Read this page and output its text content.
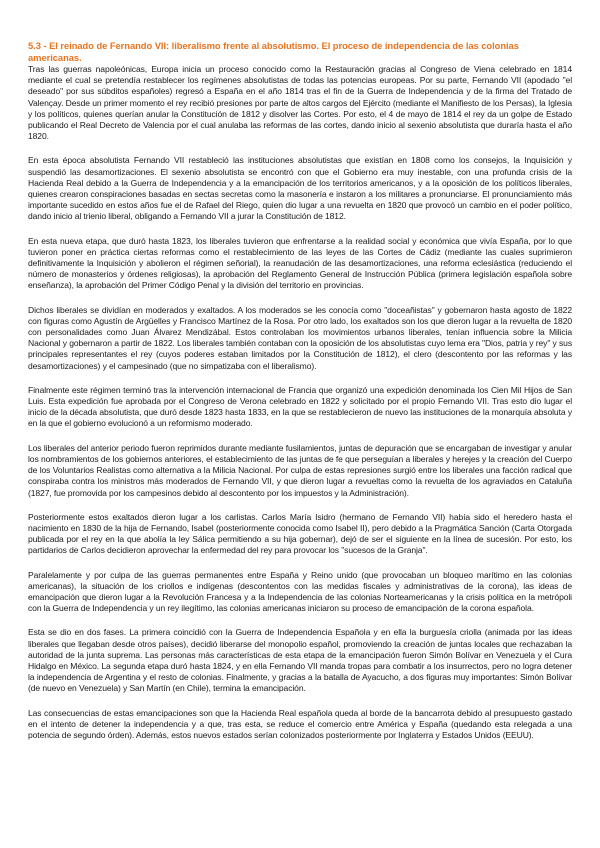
5.3 - El reinado de Fernando VII: liberalismo frente al absolutismo. El proceso de independencia de las colonias americanas.

Tras las guerras napoleónicas, Europa inicia un proceso conocido como la Restauración gracias al Congreso de Viena celebrado en 1814 mediante el cual se pretendía restablecer los regímenes absolutistas de todas las potencias europeas. Por su parte, Fernando VII (apodado "el deseado" por sus súbditos españoles) regresó a España en el año 1814 tras el fin de la Guerra de Independencia y de la firma del Tratado de Valençay. Desde un primer momento el rey recibió presiones por parte de altos cargos del Ejército (mediante el Manifiesto de los Persas), la Iglesia y los políticos, quienes querían anular la Constitución de 1812 y disolver las Cortes. Por esto, el 4 de mayo de 1814 el rey da un golpe de Estado publicando el Real Decreto de Valencia por el cual anulaba las reformas de las cortes, dando inicio al sexenio absolutista que duraría hasta el año 1820.

En esta época absolutista Fernando VII restableció las instituciones absolutistas que existían en 1808 como los consejos, la Inquisición y suspendió las desamortizaciones. El sexenio absolutista se encontró con que el Gobierno era muy inestable, con una profunda crisis de la Hacienda Real debido a la Guerra de Independencia y a la emancipación de los territorios americanos, y a la oposición de los políticos liberales, quienes crearon conspiraciones basadas en sectas secretas como la masonería e instaron a los militares a pronunciarse. El pronunciamiento más importante sucedido en estos años fue el de Rafael del Riego, quien dio lugar a una revuelta en 1820 que provocó un cambio en el poder político, dando inicio al trienio liberal, obligando a Fernando VII a jurar la Constitución de 1812.

En esta nueva etapa, que duró hasta 1823, los liberales tuvieron que enfrentarse a la realidad social y económica que vivía España, por lo que tuvieron poner en práctica ciertas reformas como el restablecimiento de las leyes de las Cortes de Cádiz (mediante las cuales suprimieron definitivamente la Inquisición y abolieron el régimen señorial), la reanudación de las desamortizaciones, una reforma eclesiástica (reduciendo el número de monasterios y órdenes religiosas), la aprobación del Reglamento General de Instrucción Pública (primera legislación española sobre enseñanza), la aprobación del Primer Código Penal y la división del territorio en provincias.

Dichos liberales se dividían en moderados y exaltados. A los moderados se les conocía como "doceañistas" y gobernaron hasta agosto de 1822 con figuras como Agustín de Argüelles y Francisco Martínez de la Rosa. Por otro lado, los exaltados son los que dieron lugar a la revuelta de 1820 con personalidades como Juan Álvarez Mendizábal. Estos controlaban los movimientos urbanos liberales, tenían influencia sobre la Milicia Nacional y gobernaron a partir de 1822. Los liberales también contaban con la oposición de los absolutistas cuyo lema era "Dios, patria y rey" y sus principales representantes el rey (cuyos poderes estaban limitados por la Constitución de 1812), el clero (descontento por las reformas y las desamortizaciones) y el campesinado (que no simpatizaba con el liberalismo).

Finalmente este régimen terminó tras la intervención internacional de Francia que organizó una expedición denominada los Cien Mil Hijos de San Luis. Esta expedición fue aprobada por el Congreso de Verona celebrado en 1822 y solicitado por el propio Fernando VII. Tras esto dio lugar el inicio de la década absolutista, que duró desde 1823 hasta 1833, en la que se restablecieron de nuevo las instituciones de la monarquía absoluta y en la que el gobierno evolucionó a un reformismo moderado.

Los liberales del anterior periodo fueron reprimidos durante mediante fusilamientos, juntas de depuración que se encargaban de investigar y anular los nombramientos de los gobiernos anteriores, el establecimiento de las juntas de fe que perseguían a liberales y herejes y la creación del Cuerpo de los Voluntarios Realistas como alternativa a la Milicia Nacional. Por culpa de estas represiones surgió entre los liberales una facción radical que conspiraba contra los ministros más moderados de Fernando VII, y que dieron lugar a revueltas como la revuelta de los agraviados en Cataluña (1827, fue promovida por los campesinos debido al descontento por los impuestos y la Administración).

Posteriormente estos exaltados dieron lugar a los carlistas. Carlos María Isidro (hermano de Fernando VII) había sido el heredero hasta el nacimiento en 1830 de la hija de Fernando, Isabel (posteriormente conocida como Isabel II), pero debido a la Pragmática Sanción (Carta Otorgada publicada por el rey en la que abolía la ley Sálica permitiendo a su hija gobernar), dejó de ser el siguiente en la línea de sucesión. Por esto, los partidarios de Carlos decidieron aprovechar la enfermedad del rey para provocar los "sucesos de la Granja".

Paralelamente y por culpa de las guerras permanentes entre España y Reino unido (que provocaban un bloqueo marítimo en las colonias americanas), la situación de los criollos e indígenas (descontentos con las medidas fiscales y administrativas de la corona), las ideas de emancipación que dieron lugar a la Revolución Francesa y a la Independencia de las colonias Norteamericanas y la crisis política en la metrópoli con la Guerra de Independencia y un rey ilegítimo, las colonias americanas iniciaron su proceso de emancipación de la corona española.

Esta se dio en dos fases. La primera coincidió con la Guerra de Independencia Española y en ella la burguesía criolla (animada por las ideas liberales que llegaban desde otros países), decidió liberarse del monopolio español, promoviendo la creación de juntas locales que rechazaban la autoridad de la junta suprema. Las personas más características de esta etapa de la emancipación fueron Simón Bolívar en Venezuela y el Cura Hidalgo en México. La segunda etapa duró hasta 1824, y en ella Fernando VII manda tropas para combatir a los insurrectos, pero no logra detener la independencia de Argentina y el resto de colonias. Finalmente, y gracias a la batalla de Ayacucho, a dos figuras muy importantes: Simón Bolívar (de nuevo en Venezuela) y San Martín (en Chile), termina la emancipación.

Las consecuencias de estas emancipaciones son que la Hacienda Real española queda al borde de la bancarrota debido al presupuesto gastado en el intento de detener la independencia y a que, tras esta, se reduce el comercio entre América y España (quedando esta relegada a una potencia de segundo órden). Además, estos nuevos estados serían colonizados posteriormente por Inglaterra y Estados Unidos (EEUU).
